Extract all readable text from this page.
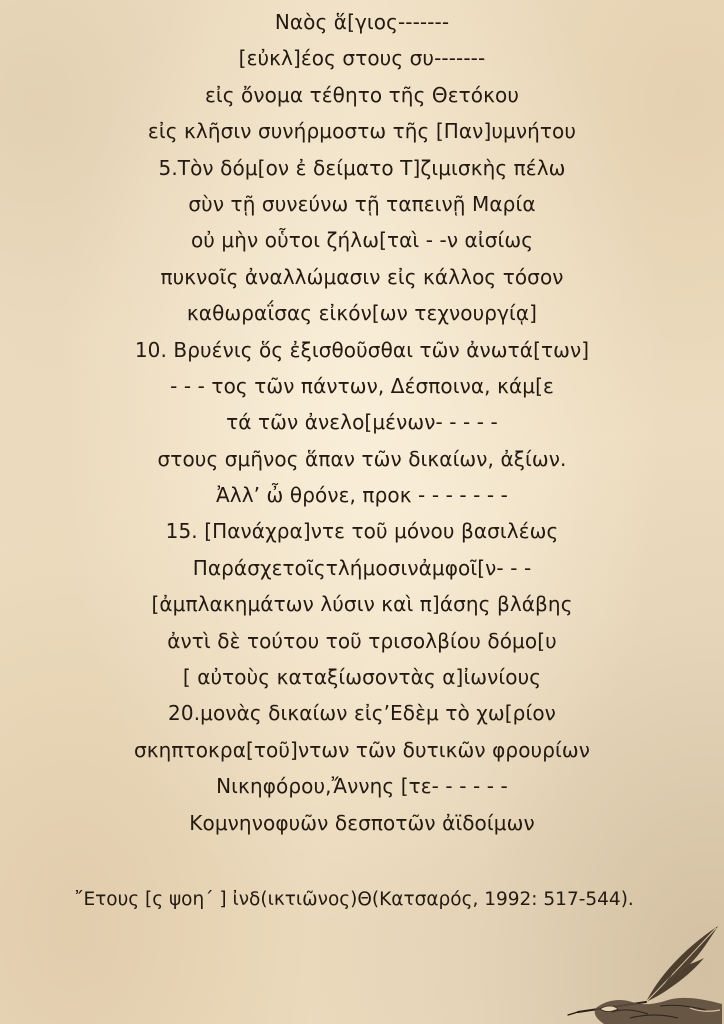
Ναὸς ἅ[γιος-------
[εὐκλ]έος στους συ-------
εἰς ὄνομα τέθητο τῆς Θετόκου
εἰς κλῆσιν συνήρμοστω τῆς [Παν]υμνήτου
5.Τὸν δόμ[ον ἐ δείματο Τ]ζιμισκὴς πέλω
σὺν τῇ συνεύνω τῇ ταπεινῇ Μαρία
οὐ μὴν οὗτοι ζήλω[ταὶ - -ν αἰσίως
πυκνοῖς ἀναλλώμασιν εἰς κάλλος τόσον
καθωραΐσας εἰκόν[ων τεχνουργίᾳ]
10. Βρυένις ὅς ἐξισθοῦσθαι τῶν ἀνωτά[των]
- - - τος τῶν πάντων, Δέσποινα, κάμ[ε
τά τῶν ἀνελο[μένων- - - - -
στους σμῆνος ἅπαν τῶν δικαίων, ἀξίων.
Ἀλλ’ ὦ θρόνε, προκ - - - - - - -
15. [Πανάχρα]ντε τοῦ μόνου βασιλέως
Παράσχετοῖςτλήμοσινἀμφοῖ[ν- - -
[ἀμπλακημάτων λύσιν καὶ π]άσης βλάβης
ἀντὶ δὲ τούτου τοῦ τρισολβίου δόμο[υ
[ αὐτοὺς καταξίωσοντὰς α]ἰωνίους
20.μονὰς δικαίων εἰς’Εδὲμ τὸ χω[ρίον
σκηπτοκρα[τοῦ]ντων τῶν δυτικῶν φρουρίων
Νικηφόρου,Ἄννης [τε- - - - - -
Κομνηνοφυῶν δεσποτῶν ἀϊδοίμων
῎Ετους [ς ψοη΄ ] ἰνδ(ικτιῶνος)Θ(Κατσαρός, 1992: 517-544).
